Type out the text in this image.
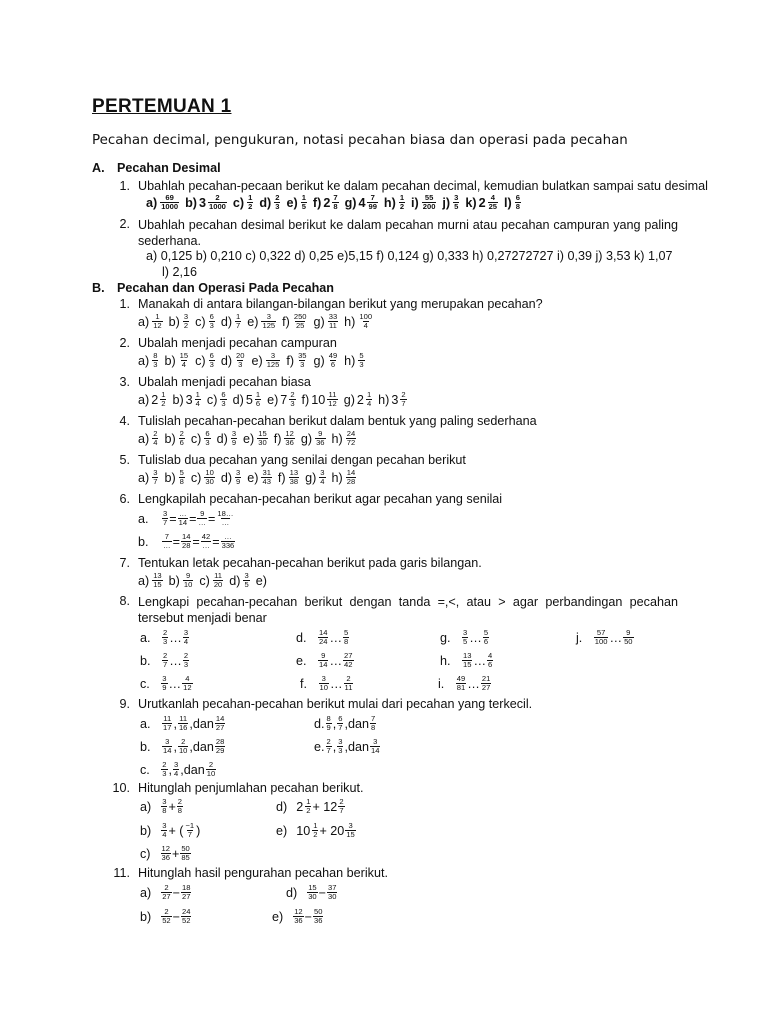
PERTEMUAN 1
Pecahan decimal, pengukuran, notasi pecahan biasa dan operasi pada pecahan
A. Pecahan Desimal
1. Ubahlah pecahan-pecaan berikut ke dalam pecahan decimal, kemudian bulatkan sampai satu desimal
$a) \frac{69}{1000} b$) $3 \frac{2}{1000} c) \frac{1}{2} d) \frac{2}{3} e) \frac{1}{5} f$) $2 \frac{7}{8} g$) $4 \frac{7}{99} h) \frac{1}{2} i) \frac{55}{200} j) \frac{3}{5} k$) $2 \frac{4}{25} l) \frac{6}{8}$
2. Ubahlah pecahan desimal berikut ke dalam pecahan murni atau pecahan campuran yang paling sederhana.
a) 0,125 b) 0,210 c) 0,322 d) 0,25 e)5,15 f) 0,124 g) 0,333 h) 0,27272727 i) 0,39 j) 3,53 k) 1,07
l) 2,16
B. Pecahan dan Operasi Pada Pecahan
1. Manakah di antara bilangan-bilangan berikut yang merupakan pecahan?
$a) \frac{1}{12} b) \frac{3}{2} c) \frac{6}{3} d) \frac{1}{7} e) \frac{3}{125} f) \frac{250}{25} g) \frac{33}{11} h) \frac{100}{4}$
2. Ubalah menjadi pecahan campuran
$a) \frac{8}{3} b) \frac{15}{4} c) \frac{6}{3} d) \frac{20}{3} e) \frac{3}{125} f) \frac{35}{3} g) \frac{49}{6} h) \frac{5}{3}$
3. Ubalah menjadi pecahan biasa
a) $2 \frac{1}{2} b$) $3 \frac{1}{4} c) \frac{6}{3} d$) $5 \frac{1}{6} e$) $7 \frac{2}{3} f$) $10 \frac{11}{12} g$) $2 \frac{1}{4} h$) $3 \frac{2}{7}$
4. Tulislah pecahan-pecahan berikut dalam bentuk yang paling sederhana
$a) \frac{2}{4} b) \frac{2}{6} c) \frac{6}{3} d) \frac{3}{9} e) \frac{15}{30} f) \frac{12}{36} g) \frac{9}{36} h) \frac{24}{72}$
5. Tulislab dua pecahan yang senilai dengan pecahan berikut
$a) \frac{3}{7} b) \frac{5}{8} c) \frac{10}{30} d) \frac{3}{9} e) \frac{31}{43} f) \frac{13}{38} g) \frac{3}{4} h) \frac{14}{28}$
6. Lengkapilah pecahan-pecahan berikut agar pecahan yang senilai
a.
$\frac{3}{7} = \frac{\dots}{14} = \frac{9}{\dots} = \frac{18\dots}{\dots}$
b.
$\frac{7}{\dots} = \frac{14}{28} = \frac{42}{\dots} = \frac{\dots}{336}$
7. Tentukan letak pecahan-pecahan berikut pada garis bilangan.
$a) \frac{13}{15} b) \frac{9}{10} c) \frac{11}{20} d) \frac{3}{5} e$)
8. Lengkapi pecahan-pecahan berikut dengan tanda =,<, atau > agar perbandingan pecahan tersebut menjadi benar
a. $\frac{2}{3}$ … $\frac{3}{4}$
b. $\frac{2}{7}$ … $\frac{2}{3}$
c. $\frac{3}{9}$ … $\frac{4}{12}$
d. $\frac{14}{24}$ … $\frac{5}{8}$
e. $\frac{9}{14}$ … $\frac{27}{42}$
f. $\frac{3}{10}$ … $\frac{2}{11}$
g. $\frac{3}{5}$ … $\frac{5}{6}$
h. $\frac{13}{15}$ … $\frac{4}{6}$
i. $\frac{49}{81}$ … $\frac{21}{27}$
j. $\frac{57}{100}$ … $\frac{9}{50}$
9. Urutkanlah pecahan-pecahan berikut mulai dari pecahan yang terkecil.
a. $\frac{11}{17}$ , $\frac{11}{16}$ , dan $\frac{14}{27}$
b. $\frac{3}{14}$ , $\frac{2}{10}$ , dan $\frac{28}{29}$
c. $\frac{2}{3}$ , $\frac{3}{4}$ , dan $\frac{2}{10}$
d. $\frac{8}{9}$ , $\frac{6}{7}$ , dan $\frac{7}{8}$
e. $\frac{2}{7}$ , $\frac{3}{3}$ , dan $\frac{3}{14}$
10. Hitunglah penjumlahan pecahan berikut.
$a) \frac{3}{8} + \frac{2}{8}$
$b) \frac{3}{4}$ + ( $\frac{-1}{7}$ )
$c) \frac{12}{36} + \frac{50}{85}$
d) $2 \frac{1}{2} + 12 \frac{2}{7}$
e) $10 \frac{1}{2} + 20 \frac{3}{15}$
11. Hitunglah hasil pengurahan pecahan berikut.
$a) \frac{2}{27} - \frac{18}{27}$
$b) \frac{2}{52} - \frac{24}{52}$
$d) \frac{15}{30} - \frac{37}{30}$
$e) \frac{12}{36} - \frac{50}{36}$
